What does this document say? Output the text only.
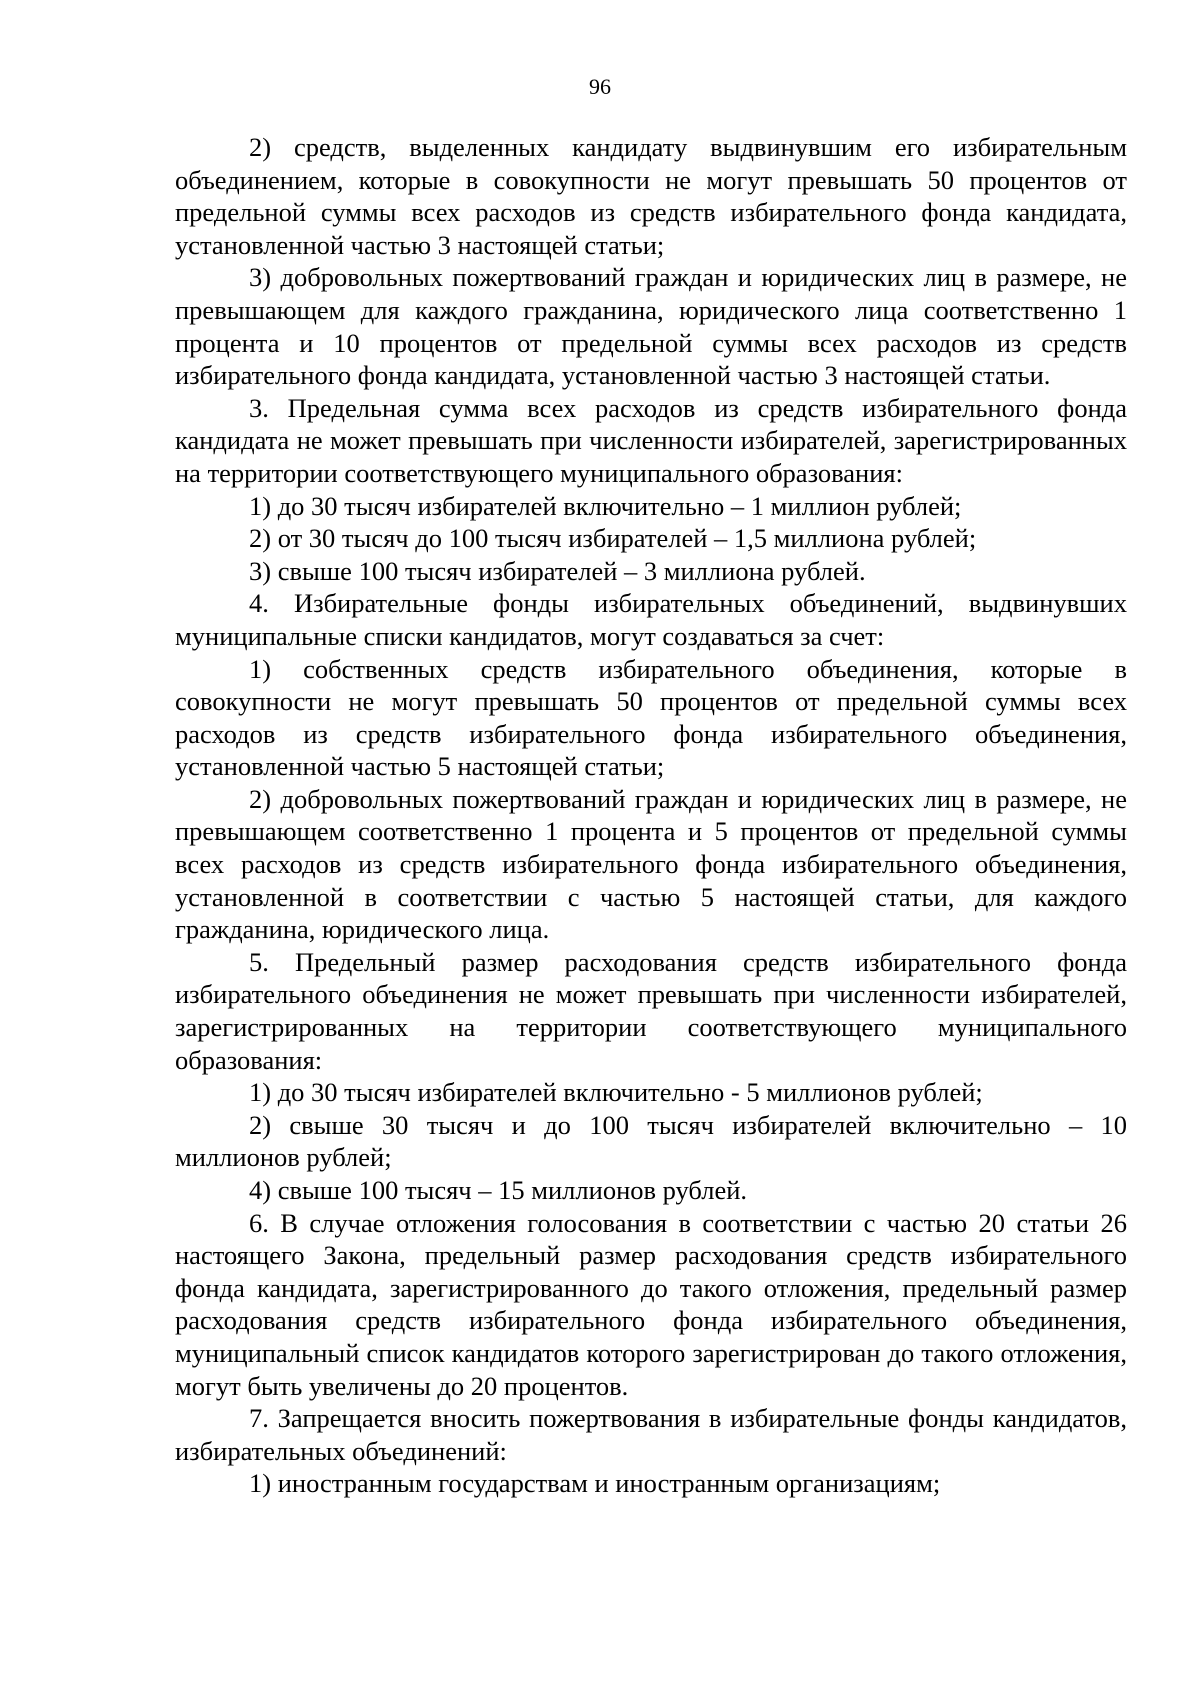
96

2) средств, выделенных кандидату выдвинувшим его избирательным объединением, которые в совокупности не могут превышать 50 процентов от предельной суммы всех расходов из средств избирательного фонда кандидата, установленной частью 3 настоящей статьи;

3) добровольных пожертвований граждан и юридических лиц в размере, не превышающем для каждого гражданина, юридического лица соответственно 1 процента и 10 процентов от предельной суммы всех расходов из средств избирательного фонда кандидата, установленной частью 3 настоящей статьи.

3. Предельная сумма всех расходов из средств избирательного фонда кандидата не может превышать при численности избирателей, зарегистрированных на территории соответствующего муниципального образования:

1) до 30 тысяч избирателей включительно – 1 миллион рублей;

2) от 30 тысяч до 100 тысяч избирателей – 1,5 миллиона рублей;

3) свыше 100 тысяч избирателей – 3 миллиона рублей.

4. Избирательные фонды избирательных объединений, выдвинувших муниципальные списки кандидатов, могут создаваться за счет:

1) собственных средств избирательного объединения, которые в совокупности не могут превышать 50 процентов от предельной суммы всех расходов из средств избирательного фонда избирательного объединения, установленной частью 5 настоящей статьи;

2) добровольных пожертвований граждан и юридических лиц в размере, не превышающем соответственно 1 процента и 5 процентов от предельной суммы всех расходов из средств избирательного фонда избирательного объединения, установленной в соответствии с частью 5 настоящей статьи, для каждого гражданина, юридического лица.

5. Предельный размер расходования средств избирательного фонда избирательного объединения не может превышать при численности избирателей, зарегистрированных на территории соответствующего муниципального образования:

1) до 30 тысяч избирателей включительно - 5 миллионов рублей;

2) свыше 30 тысяч и до 100 тысяч избирателей включительно – 10 миллионов рублей;

4) свыше 100 тысяч – 15 миллионов рублей.

6. В случае отложения голосования в соответствии с частью 20 статьи 26 настоящего Закона, предельный размер расходования средств избирательного фонда кандидата, зарегистрированного до такого отложения, предельный размер расходования средств избирательного фонда избирательного объединения, муниципальный список кандидатов которого зарегистрирован до такого отложения, могут быть увеличены до 20 процентов.

7. Запрещается вносить пожертвования в избирательные фонды кандидатов, избирательных объединений:

1) иностранным государствам и иностранным организациям;
